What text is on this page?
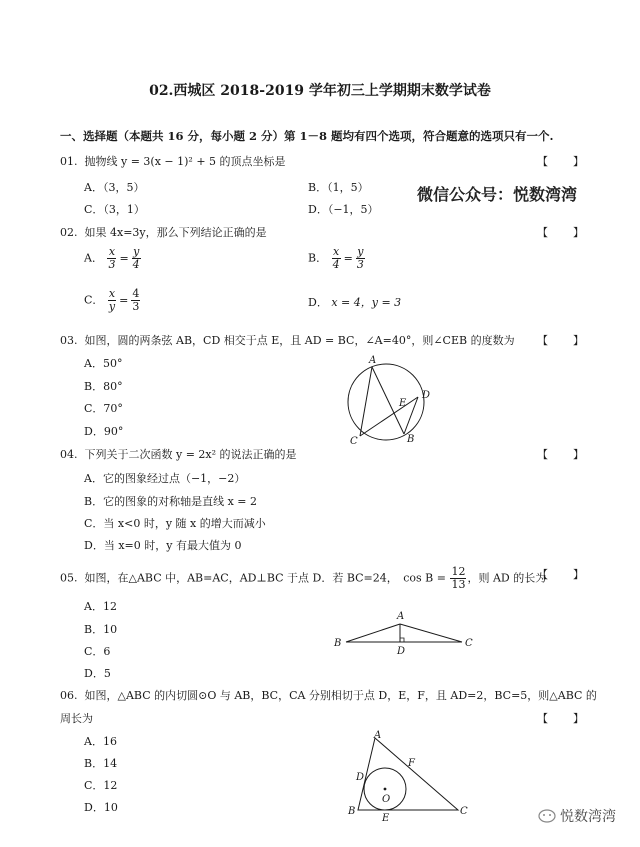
02.西城区 2018-2019 学年初三上学期期末数学试卷
一、选择题（本题共 16 分，每小题 2 分）第 1－8 题均有四个选项，符合题意的选项只有一个.
01. 抛物线 y = 3(x − 1)² + 5 的顶点坐标是	【　　】
A．（3，5）	B．（1，5）
C．（3，1）	D．（−1，5）
微信公众号：悦数湾湾
02. 如果 4x=3y，那么下列结论正确的是	【　　】
A． $\frac{x}{3} = \frac{y}{4}$	B． $\frac{x}{4} = \frac{y}{3}$
C． $\frac{x}{y} = \frac{4}{3}$	D． x = 4，y = 3
03. 如图，圆的两条弦 AB，CD 相交于点 E，且 AD = BC，∠A=40°，则∠CEB 的度数为 【　　】
A．50°
B．80°
C．70°
D．90°
A
D
E
C	B
04. 下列关于二次函数 y = 2x² 的说法正确的是	【　　】
A．它的图象经过点（−1，−2）
B．它的图象的对称轴是直线 x = 2
C．当 x<0 时，y 随 x 的增大而减小
D．当 x=0 时，y 有最大值为 0
05. 如图，在△ABC 中，AB=AC，AD⊥BC 于点 D．若 BC=24，　$\cos B = \frac{12}{13}$ ，则 AD 的长为
【　　】
A．12
B．10
C．6
D．5
A
B
D
C
06. 如图，△ABC 的内切圆⊙O 与 AB，BC，CA 分别相切于点 D，E，F，且 AD=2，BC=5，则△ABC 的
周长为	【　　】
A．16
B．14
C．12
D．10
A
F
D
O
B
E
C	悦数湾湾
